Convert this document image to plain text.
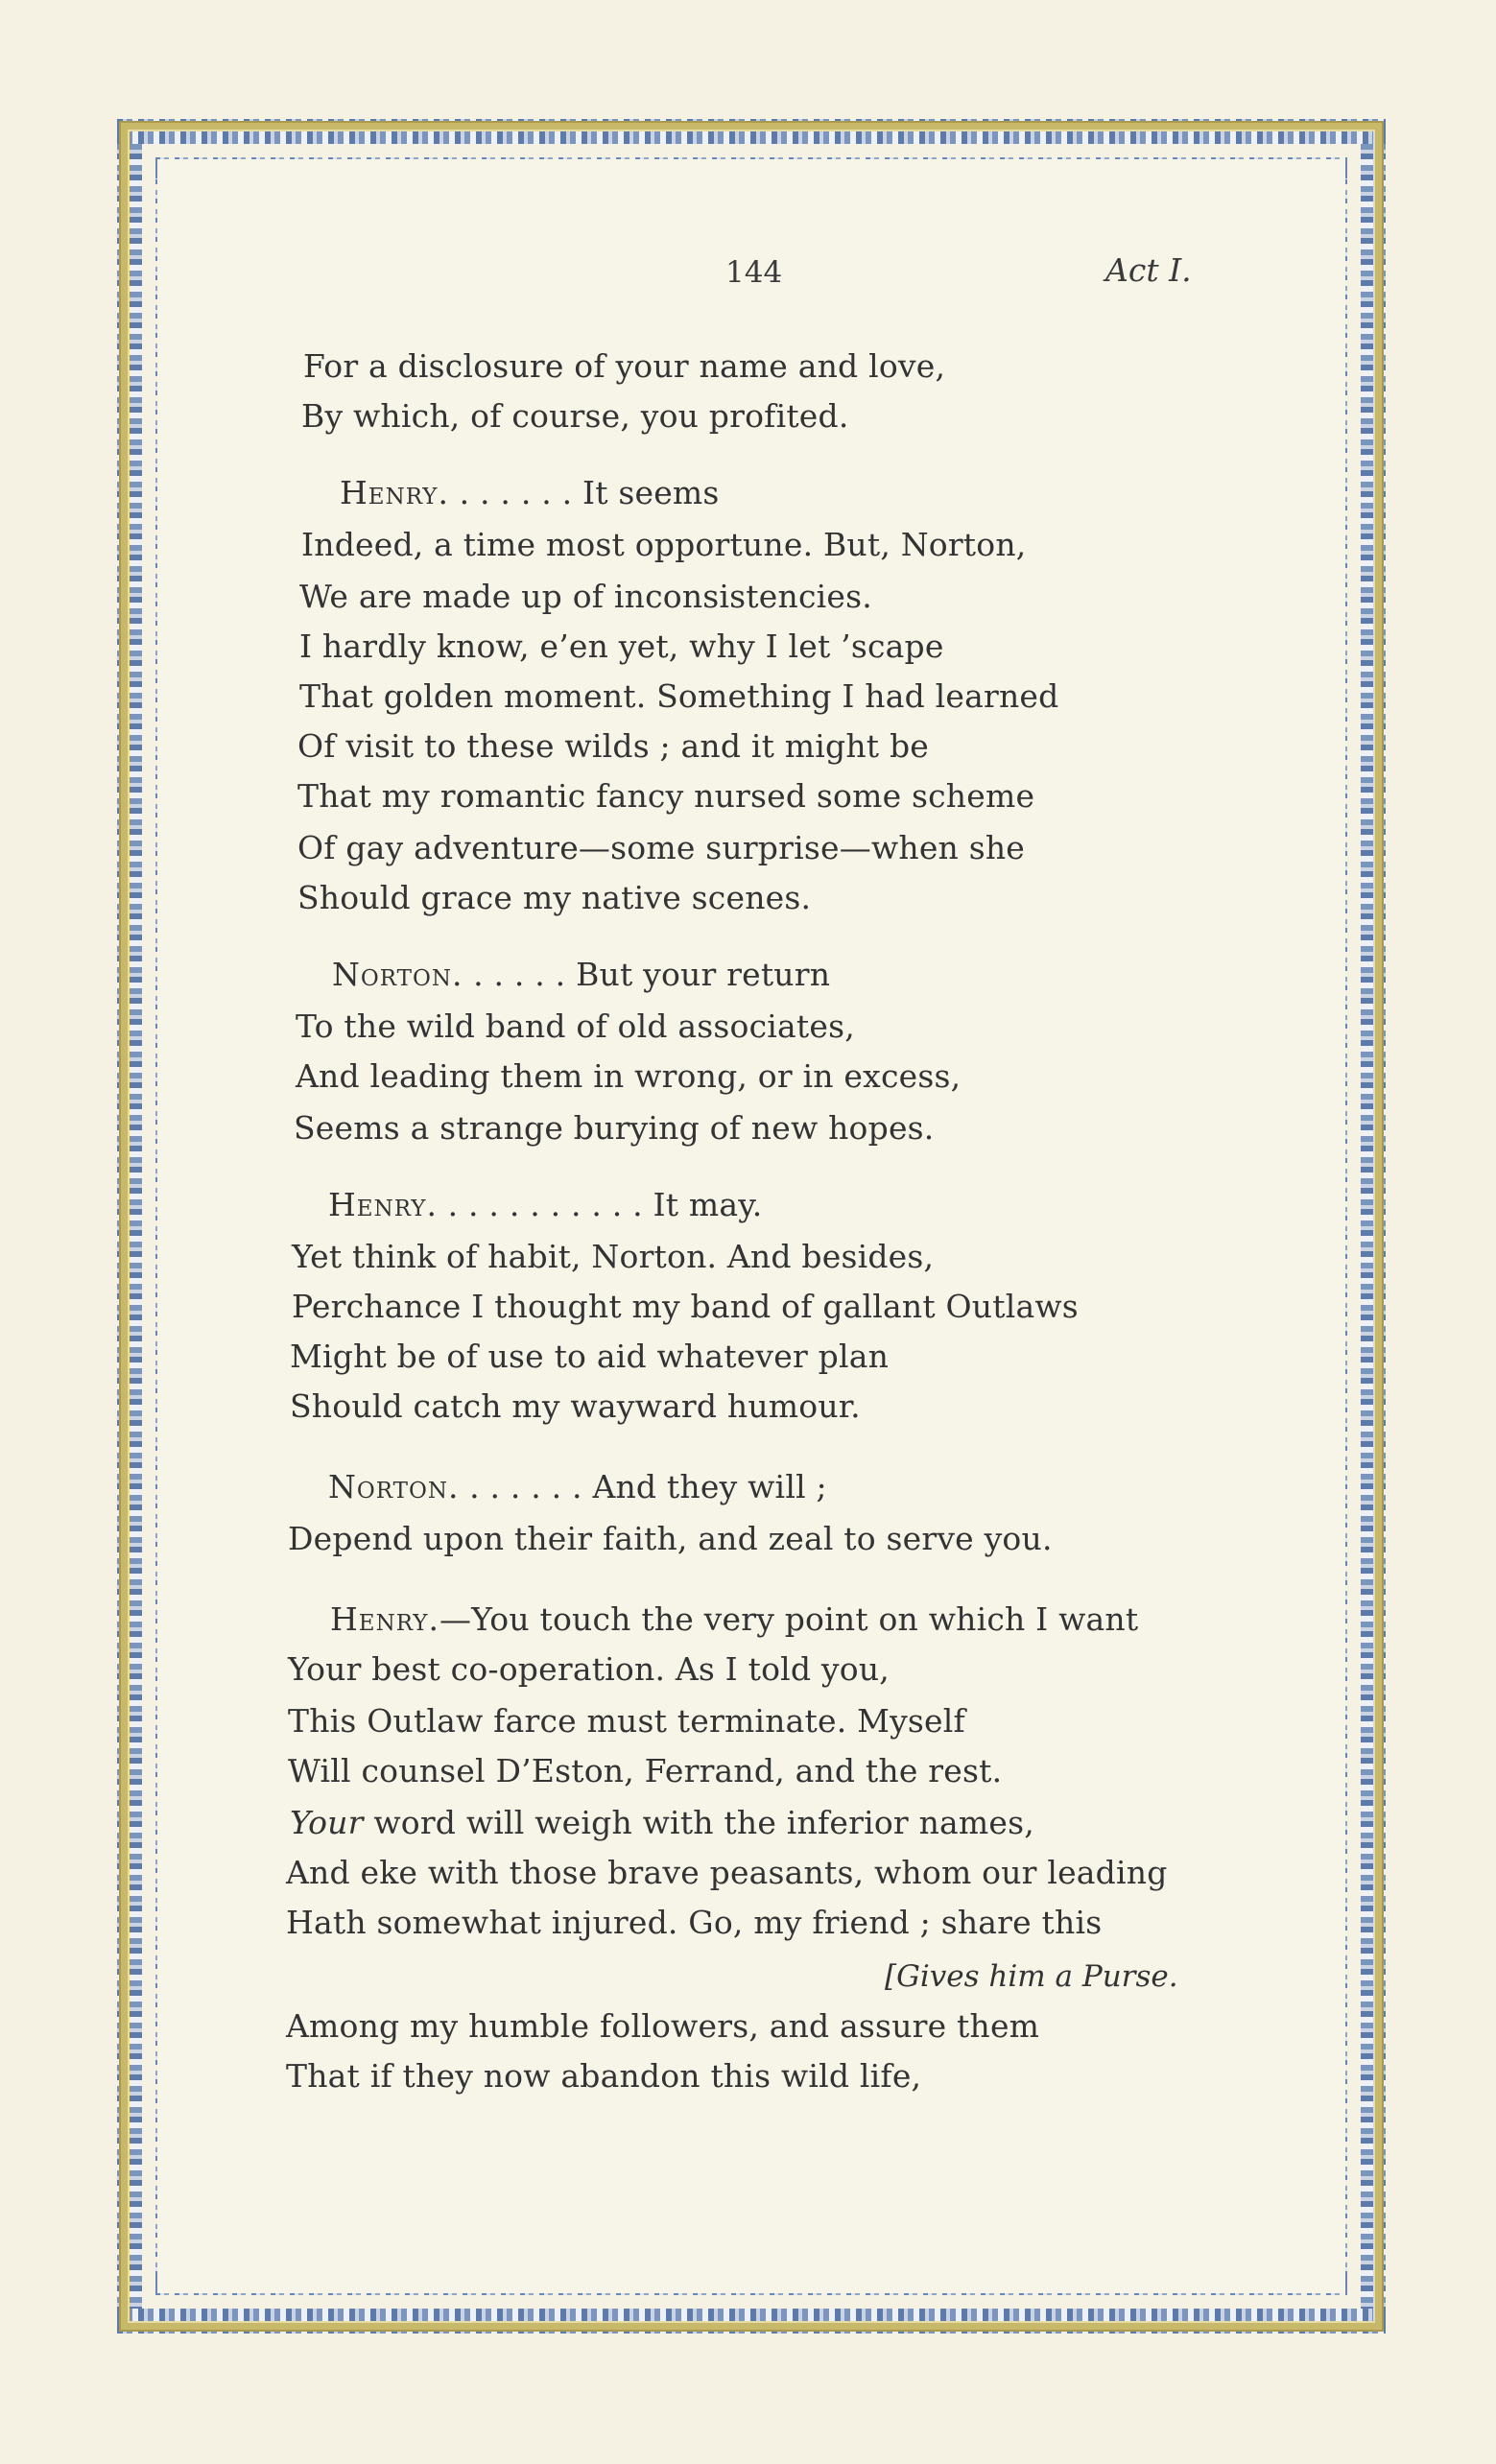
144	Act I.
For a disclosure of your name and love,
By which, of course, you profited.
Henry. . . . . . . It seems
Indeed, a time most opportune. But, Norton,
We are made up of inconsistencies.
I hardly know, e’en yet, why I let ’scape
That golden moment. Something I had learned
Of visit to these wilds ; and it might be
That my romantic fancy nursed some scheme
Of gay adventure—some surprise—when she
Should grace my native scenes.
Norton. . . . . . But your return
To the wild band of old associates,
And leading them in wrong, or in excess,
Seems a strange burying of new hopes.
Henry. . . . . . . . . . . It may.
Yet think of habit, Norton. And besides,
Perchance I thought my band of gallant Outlaws
Might be of use to aid whatever plan
Should catch my wayward humour.
Norton. . . . . . . And they will ;
Depend upon their faith, and zeal to serve you.
Henry.—You touch the very point on which I want
Your best co-operation. As I told you,
This Outlaw farce must terminate. Myself
Will counsel D’Eston, Ferrand, and the rest.
Your word will weigh with the inferior names,
And eke with those brave peasants, whom our leading
Hath somewhat injured. Go, my friend ; share this
[Gives him a Purse.
Among my humble followers, and assure them
That if they now abandon this wild life,
